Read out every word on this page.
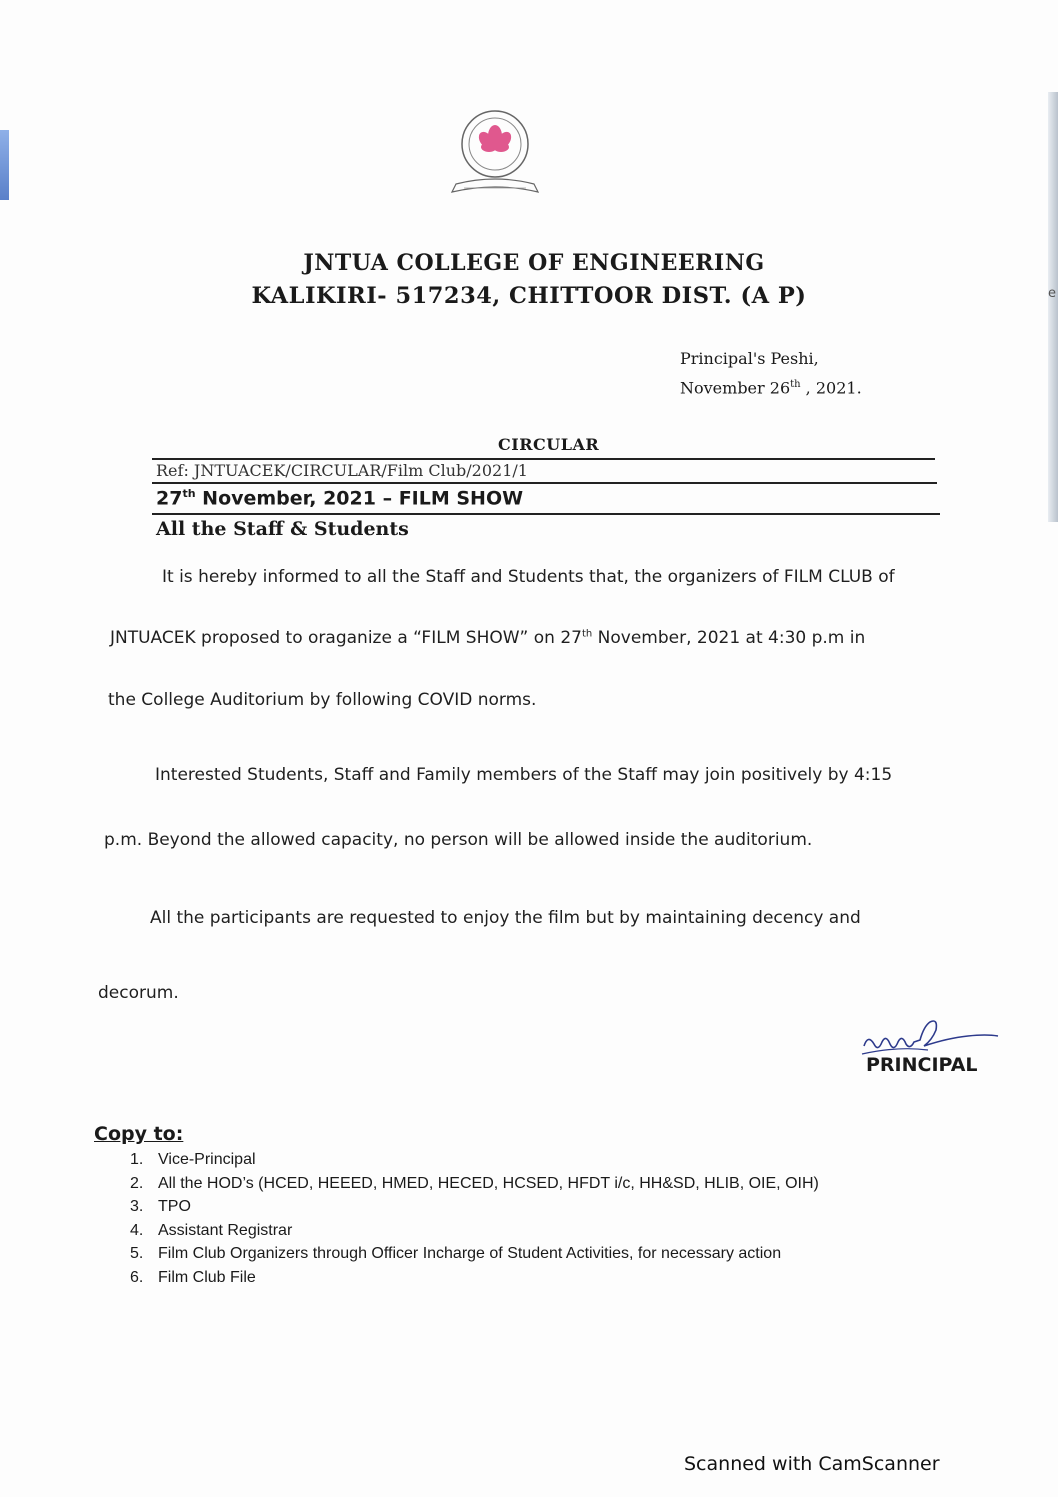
e
JNTUA COLLEGE OF ENGINEERING
KALIKIRI- 517234, CHITTOOR DIST. (A P)
Principal's Peshi,
November 26th , 2021.
CIRCULAR
Ref: JNTUACEK/CIRCULAR/Film Club/2021/1
27th November, 2021 – FILM SHOW
All the Staff & Students
It is hereby informed to all the Staff and Students that, the organizers of FILM CLUB of
JNTUACEK proposed to oraganize a “FILM SHOW” on 27th November, 2021 at 4:30 p.m in
the College Auditorium by following COVID norms.
Interested Students, Staff and Family members of the Staff may join positively by 4:15
p.m. Beyond the allowed capacity, no person will be allowed inside the auditorium.
All the participants are requested to enjoy the film but by maintaining decency and
decorum.
PRINCIPAL
Copy to:
1. Vice-Principal
2. All the HOD’s (HCED, HEEED, HMED, HECED, HCSED, HFDT i/c, HH&SD, HLIB, OIE, OIH)
3. TPO
4. Assistant Registrar
5. Film Club Organizers through Officer Incharge of Student Activities, for necessary action
6. Film Club File
Scanned with CamScanner
